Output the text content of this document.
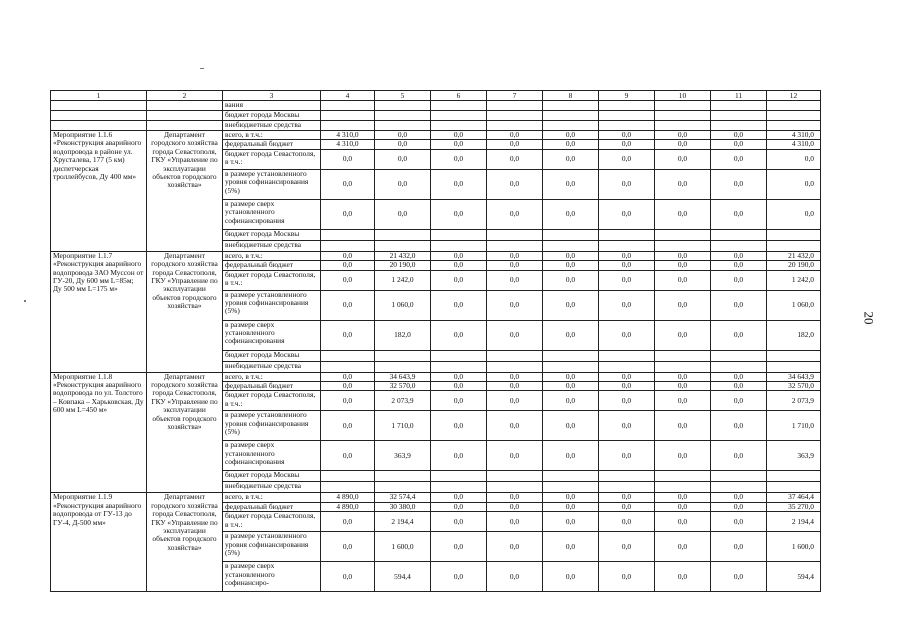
1	2	3	4	5	6	7	8	9	10	11	12
		вания									
		бюджет города Москвы									
		внебюджетные средства									
Мероприятие 1.1.6 «Реконструкция аварийного водопровода в районе ул. Хрусталева, 177 (5 км) диспетчерская троллейбусов, Ду 400 мм»	Департамент городского хозяйства города Севастополя, ГКУ «Управление по эксплуатации объектов городского хозяйства»	всего, в т.ч.:	4 310,0	0,0	0,0	0,0	0,0	0,0	0,0	0,0	4 310,0
		федеральный бюджет	4 310,0	0,0	0,0	0,0	0,0	0,0	0,0	0,0	4 310,0
		бюджет города Севастополя, в т.ч.:	0,0	0,0	0,0	0,0	0,0	0,0	0,0	0,0	0,0
		в размере установленного уровня софинансирования (5%)	0,0	0,0	0,0	0,0	0,0	0,0	0,0	0,0	0,0
		в размере сверх установленного софинансирования	0,0	0,0	0,0	0,0	0,0	0,0	0,0	0,0	0,0
		бюджет города Москвы									
		внебюджетные средства									
Мероприятие 1.1.7 «Реконструкция аварийного водопровода ЗАО Муссон от ГУ-20, Ду 600 мм L=85м; Ду 500 мм L=175 м»	Департамент городского хозяйства города Севастополя, ГКУ «Управление по эксплуатации объектов городского хозяйства»	всего, в т.ч.:	0,0	21 432,0	0,0	0,0	0,0	0,0	0,0	0,0	21 432,0
		федеральный бюджет	0,0	20 190,0	0,0	0,0	0,0	0,0	0,0	0,0	20 190,0
		бюджет города Севастополя, в т.ч.:	0,0	1 242,0	0,0	0,0	0,0	0,0	0,0	0,0	1 242,0
		в размере установленного уровня софинансирования (5%)	0,0	1 060,0	0,0	0,0	0,0	0,0	0,0	0,0	1 060,0
		в размере сверх установленного софинансирования	0,0	182,0	0,0	0,0	0,0	0,0	0,0	0,0	182,0
		бюджет города Москвы									
		внебюджетные средства									
Мероприятие 1.1.8 «Реконструкция аварийного водопровода по ул. Толстого – Ковпака – Харьковская, Ду 600 мм L=450 м»	Департамент городского хозяйства города Севастополя, ГКУ «Управление по эксплуатации объектов городского хозяйства»	всего, в т.ч.:	0,0	34 643,9	0,0	0,0	0,0	0,0	0,0	0,0	34 643,9
		федеральный бюджет	0,0	32 570,0	0,0	0,0	0,0	0,0	0,0	0,0	32 570,0
		бюджет города Севастополя, в т.ч.:	0,0	2 073,9	0,0	0,0	0,0	0,0	0,0	0,0	2 073,9
		в размере установленного уровня софинансирования (5%)	0,0	1 710,0	0,0	0,0	0,0	0,0	0,0	0,0	1 710,0
		в размере сверх установленного софинансирования	0,0	363,9	0,0	0,0	0,0	0,0	0,0	0,0	363,9
		бюджет города Москвы									
		внебюджетные средства									
Мероприятие 1.1.9 «Реконструкция аварийного водопровода от ГУ-13 до ГУ-4, Д-500 мм»	Департамент городского хозяйства города Севастополя, ГКУ «Управление по эксплуатации объектов городского хозяйства»	всего, в т.ч.:	4 890,0	32 574,4	0,0	0,0	0,0	0,0	0,0	0,0	37 464,4
		федеральный бюджет	4 890,0	30 380,0	0,0	0,0	0,0	0,0	0,0	0,0	35 270,0
		бюджет города Севастополя, в т.ч.:	0,0	2 194,4	0,0	0,0	0,0	0,0	0,0	0,0	2 194,4
		в размере установленного уровня софинансирования (5%)	0,0	1 600,0	0,0	0,0	0,0	0,0	0,0	0,0	1 600,0
		в размере сверх установленного софинансиро-	0,0	594,4	0,0	0,0	0,0	0,0	0,0	0,0	594,4
20
